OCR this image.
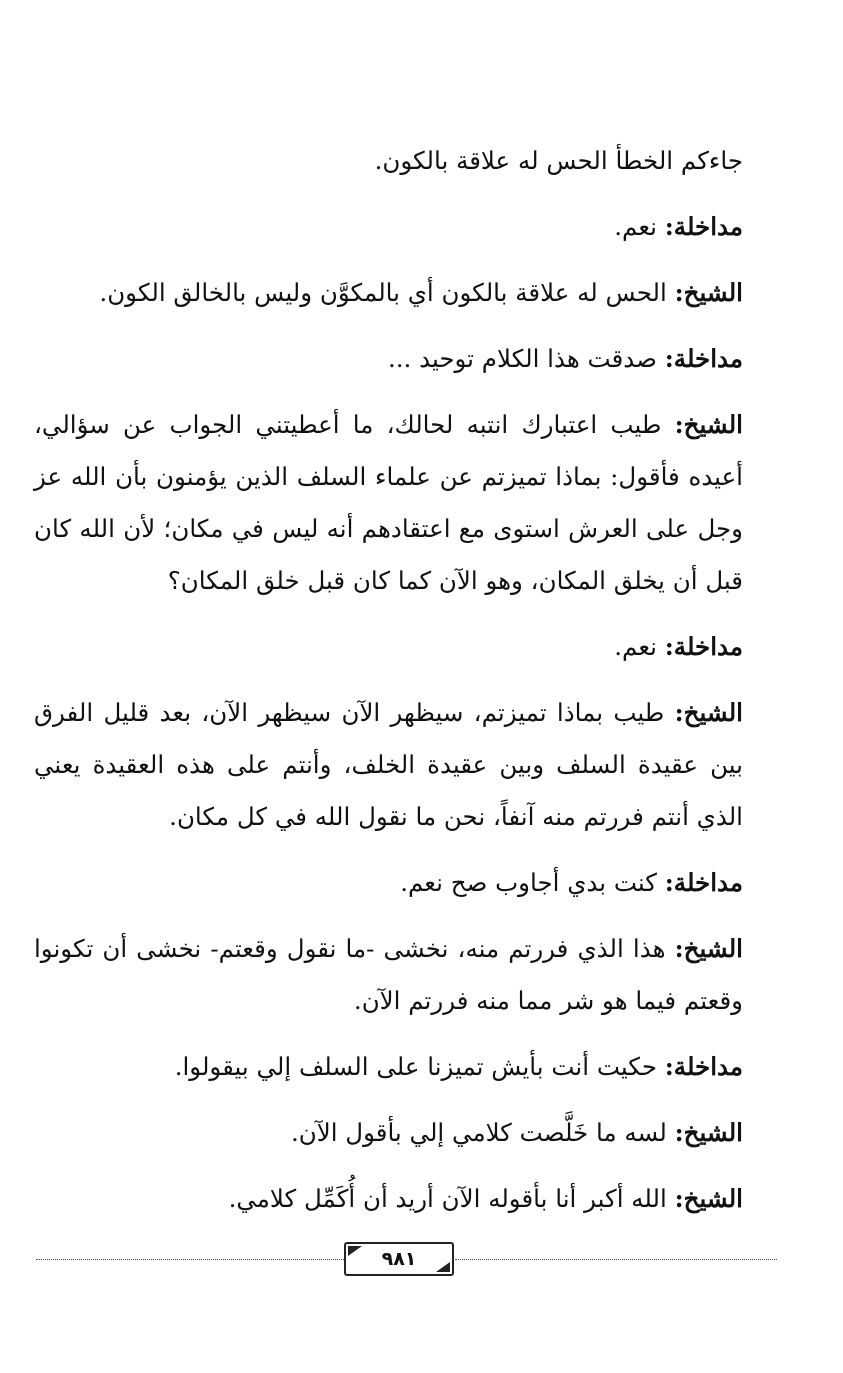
جاءكم الخطأ الحس له علاقة بالكون.

مداخلة: نعم.

الشيخ: الحس له علاقة بالكون أي بالمكوَّن وليس بالخالق الكون.

مداخلة: صدقت هذا الكلام توحيد ...

الشيخ: طيب اعتبارك انتبه لحالك، ما أعطيتني الجواب عن سؤالي، أعيده فأقول: بماذا تميزتم عن علماء السلف الذين يؤمنون بأن الله عز وجل على العرش استوى مع اعتقادهم أنه ليس في مكان؛ لأن الله كان قبل أن يخلق المكان، وهو الآن كما كان قبل خلق المكان؟

مداخلة: نعم.

الشيخ: طيب بماذا تميزتم، سيظهر الآن سيظهر الآن، بعد قليل الفرق بين عقيدة السلف وبين عقيدة الخلف، وأنتم على هذه العقيدة يعني الذي أنتم فررتم منه آنفاً، نحن ما نقول الله في كل مكان.

مداخلة: كنت بدي أجاوب صح نعم.

الشيخ: هذا الذي فررتم منه، نخشى -ما نقول وقعتم- نخشى أن تكونوا وقعتم فيما هو شر مما منه فررتم الآن.

مداخلة: حكيت أنت بأيش تميزنا على السلف إلي بيقولوا.

الشيخ: لسه ما خَلَّصت كلامي إلي بأقول الآن.

الشيخ: الله أكبر أنا بأقوله الآن أريد أن أُكَمِّل كلامي.

٩٨١
